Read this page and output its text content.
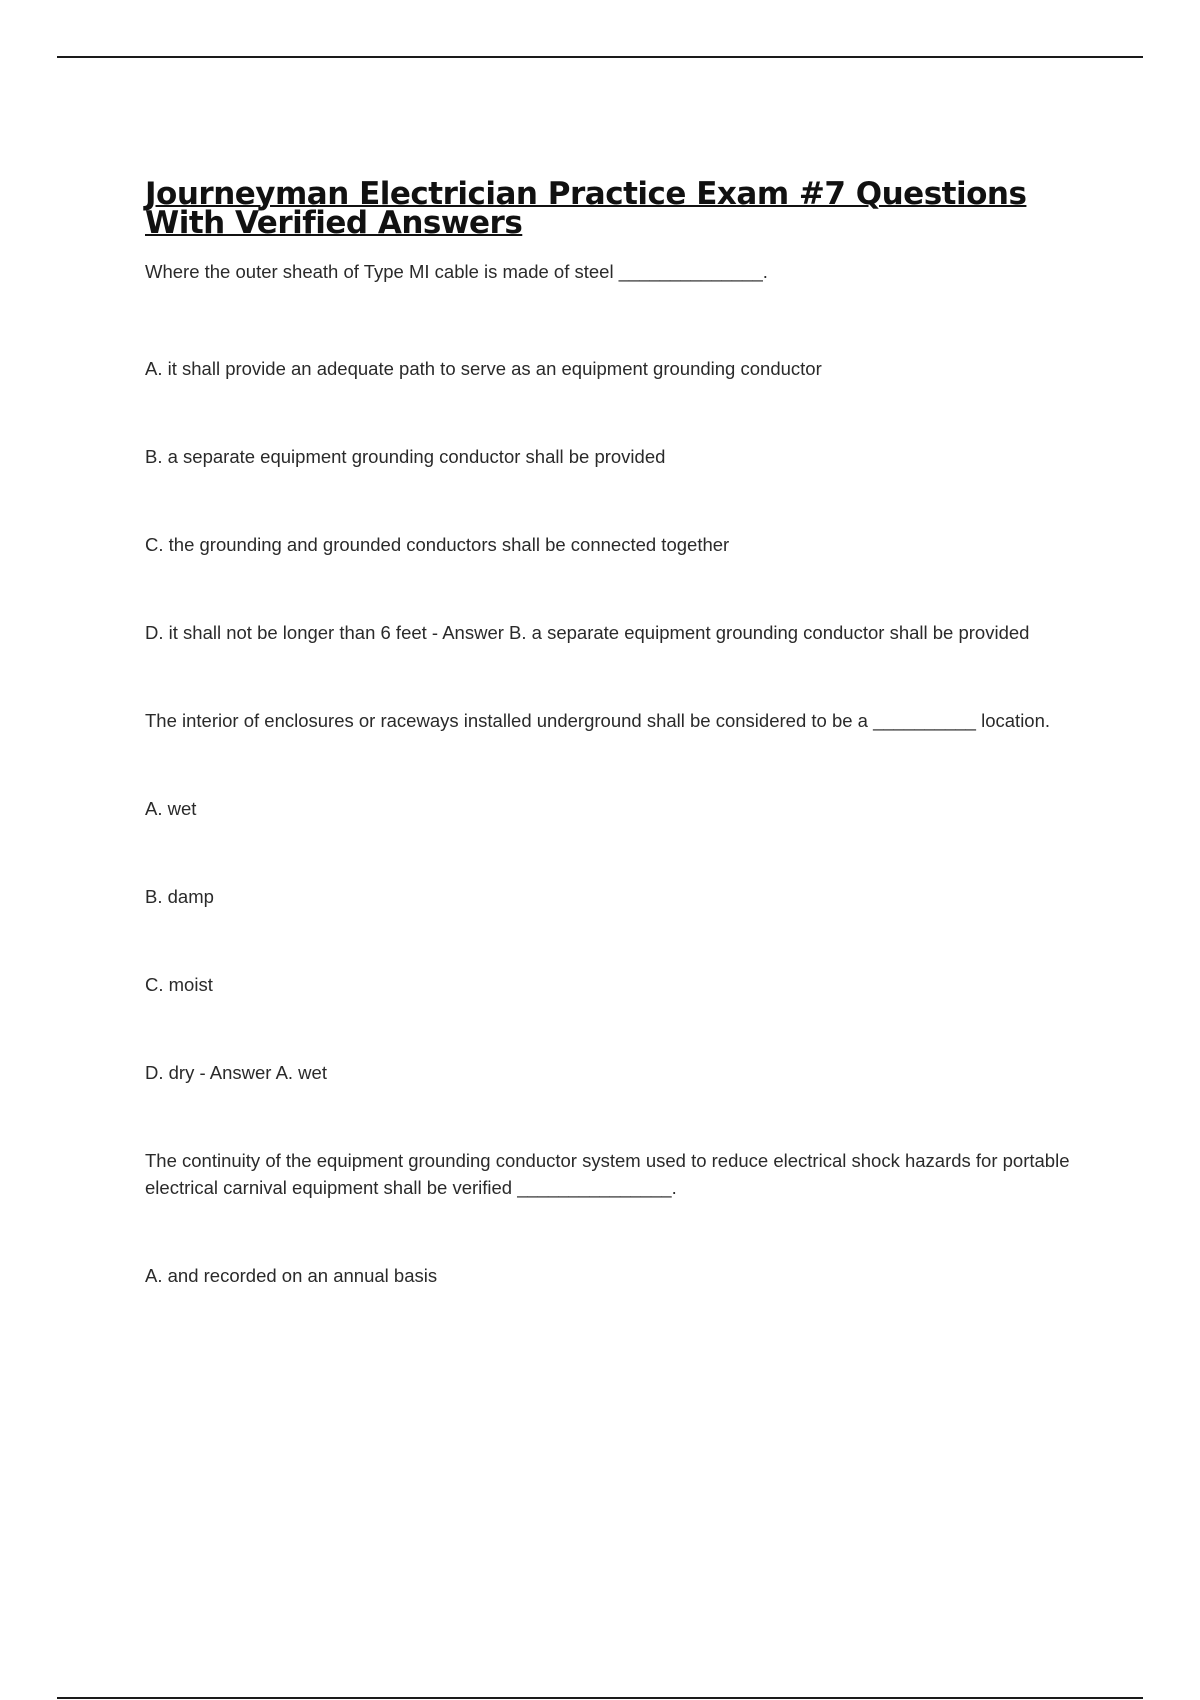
Journeyman Electrician Practice Exam #7 Questions
With Verified Answers

Where the outer sheath of Type MI cable is made of steel ______________.

A. it shall provide an adequate path to serve as an equipment grounding conductor

B. a separate equipment grounding conductor shall be provided

C. the grounding and grounded conductors shall be connected together

D. it shall not be longer than 6 feet - Answer B. a separate equipment grounding conductor shall be provided

The interior of enclosures or raceways installed underground shall be considered to be a __________ location.

A. wet

B. damp

C. moist

D. dry - Answer A. wet

The continuity of the equipment grounding conductor system used to reduce electrical shock hazards for portable electrical carnival equipment shall be verified _______________.

A. and recorded on an annual basis
